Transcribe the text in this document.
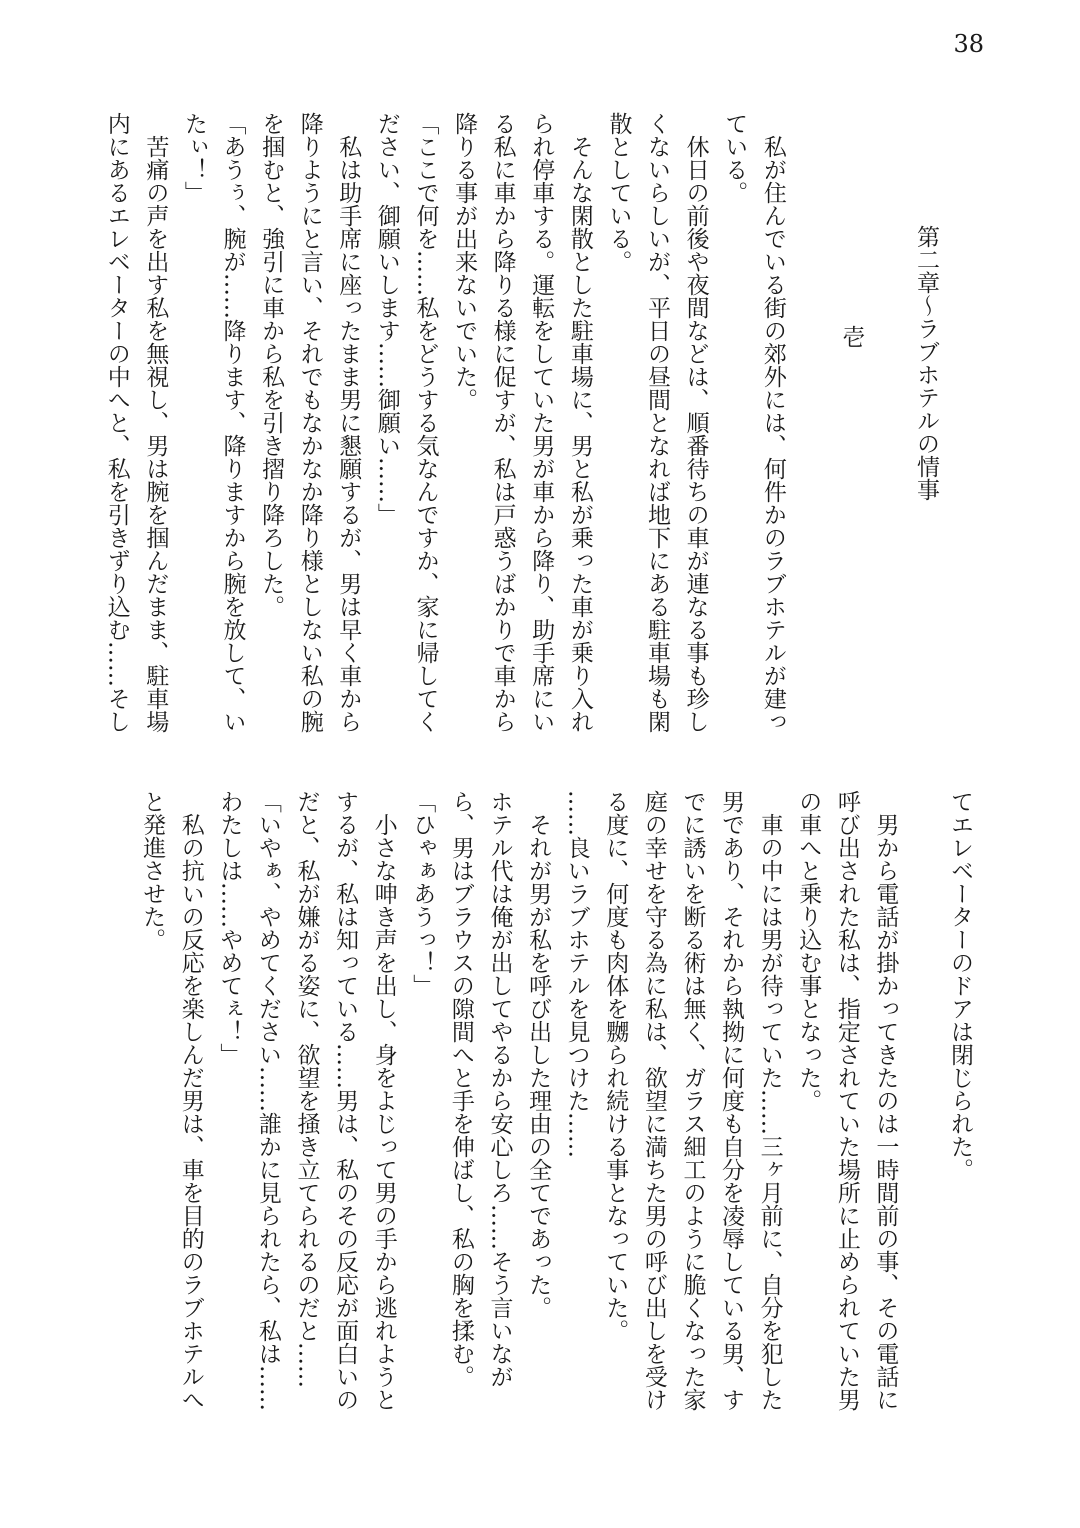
38
第二章〜ラブホテルの情事
壱
私が住んでいる街の郊外には、何件かのラブホテルが建っ
ている。
休日の前後や夜間などは、順番待ちの車が連なる事も珍し
くないらしいが、平日の昼間となれば地下にある駐車場も閑
散としている。
そんな閑散とした駐車場に、男と私が乗った車が乗り入れ
られ停車する。運転をしていた男が車から降り、助手席にい
る私に車から降りる様に促すが、私は戸惑うばかりで車から
降りる事が出来ないでいた。
「ここで何を……私をどうする気なんですか、家に帰してく
ださい、御願いします……御願い……」
私は助手席に座ったまま男に懇願するが、男は早く車から
降りようにと言い、それでもなかなか降り様としない私の腕
を掴むと、強引に車から私を引き摺り降ろした。
「あうぅ、腕が……降ります、降りますから腕を放して、い
たぃ！」
苦痛の声を出す私を無視し、男は腕を掴んだまま、駐車場
内にあるエレベーターの中へと、私を引きずり込む……そし
てエレベーターのドアは閉じられた。
男から電話が掛かってきたのは一時間前の事、その電話に
呼び出された私は、指定されていた場所に止められていた男
の車へと乗り込む事となった。
車の中には男が待っていた……三ヶ月前に、自分を犯した
男であり、それから執拗に何度も自分を凌辱している男、す
でに誘いを断る術は無く、ガラス細工のように脆くなった家
庭の幸せを守る為に私は、欲望に満ちた男の呼び出しを受け
る度に、何度も肉体を嬲られ続ける事となっていた。
……良いラブホテルを見つけた……
それが男が私を呼び出した理由の全てであった。
ホテル代は俺が出してやるから安心しろ……そう言いなが
ら、男はブラウスの隙間へと手を伸ばし、私の胸を揉む。
「ひゃぁあうっ！」
小さな呻き声を出し、身をよじって男の手から逃れようと
するが、私は知っている……男は、私のその反応が面白いの
だと、私が嫌がる姿に、欲望を掻き立てられるのだと……
「いやぁ、やめてください……誰かに見られたら、私は……
わたしは……やめてぇ！」
私の抗いの反応を楽しんだ男は、車を目的のラブホテルへ
と発進させた。
